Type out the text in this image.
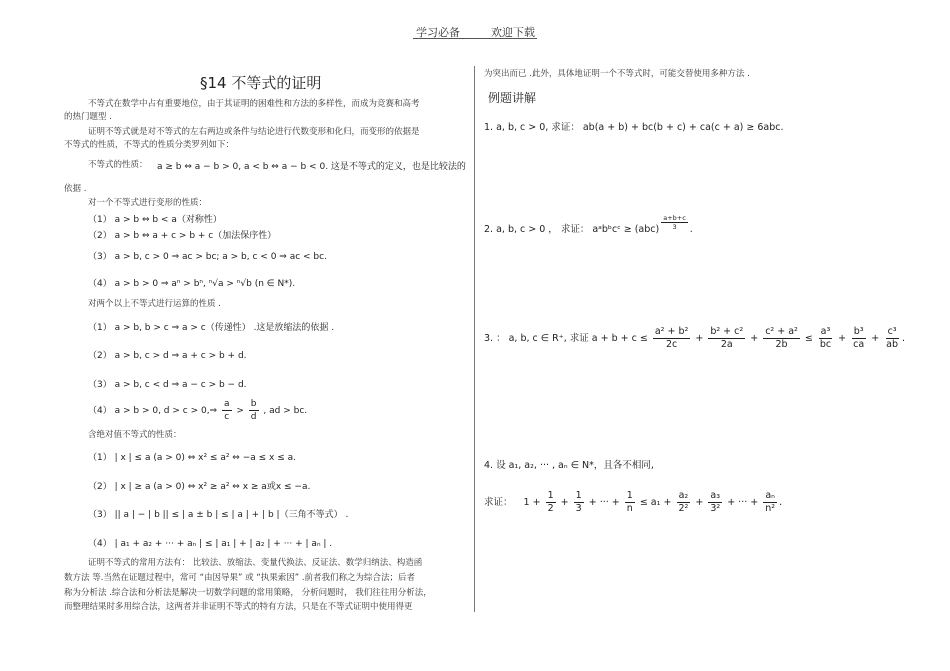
学习必备	欢迎下载
§14 不等式的证明
不等式在数学中占有重要地位，由于其证明的困难性和方法的多样性，而成为竞赛和高考
的热门题型 .
证明不等式就是对不等式的左右两边或条件与结论进行代数变形和化归，而变形的依据是
不等式的性质，不等式的性质分类罗列如下：
不等式的性质： a ≥ b ⇔ a − b > 0, a < b ⇔ a − b < 0. 这是不等式的定义，也是比较法的
依据 .
对一个不等式进行变形的性质：
（1） a > b ⇔ b < a（对称性）
（2） a > b ⇔ a + c > b + c（加法保序性）
（3） a > b, c > 0 ⇒ ac > bc; a > b, c < 0 ⇒ ac < bc.
（4） a > b > 0 ⇒ aⁿ > bⁿ, ⁿ√a > ⁿ√b (n ∈ N*).
对两个以上不等式进行运算的性质 .
（1） a > b, b > c ⇒ a > c（传递性） .这是放缩法的依据 .
（2） a > b, c > d ⇒ a + c > b + d.
（3） a > b, c < d ⇒ a − c > b − d.
（4） a > b > 0, d > c > 0,⇒ $\frac{a}{c} > \frac{b}{d}$ , ad > bc.
含绝对值不等式的性质：
（1） | x | ≤ a (a > 0) ⇔ x² ≤ a² ⇔ −a ≤ x ≤ a.
（2） | x | ≥ a (a > 0) ⇔ x² ≥ a² ⇔ x ≥ a或x ≤ −a.
（3） || a | − | b || ≤ | a ± b | ≤ | a | + | b |（三角不等式） .
（4） | a₁ + a₂ + ··· + aₙ | ≤ | a₁ | + | a₂ | + ··· + | aₙ | .
证明不等式的常用方法有： 比较法、放缩法、变量代换法、反证法、数学归纳法、构造函
数方法 等.当然在证题过程中，常可 “由因导果” 或 “执果索因” .前者我们称之为综合法；后者
称为分析法 .综合法和分析法是解决一切数学问题的常用策略， 分析问题时， 我们往往用分析法，
而整理结果时多用综合法，这两者并非证明不等式的特有方法，只是在不等式证明中使用得更
为突出而已 .此外，具体地证明一个不等式时，可能交替使用多种方法 .
例题讲解
1. a, b, c > 0, 求证： ab(a + b) + bc(b + c) + ca(c + a) ≥ 6abc.
2. a, b, c > 0 ， 求证： aᵃbᵇcᶜ ≥ $(abc) \frac{a+b+c}{3}$ .
3. ： a, b, c ∈ R⁺, 求证 $a + b + c \le \frac{\text{a² + b²}}{2c} + \frac{\text{b² + c²}}{2a} + \frac{\text{c² + a²}}{2b} \le \frac{\text{a³}}{bc} + \frac{\text{b³}}{ca} + \frac{\text{c³}}{ab}$ .
4. 设 a₁, a₂, ··· , aₙ ∈ N*，且各不相同,
求证： $1 + \frac{1}{2} + \frac{1}{3}$ + ··· + $\frac{1}{n} \le a_1 + \frac{\text{a₂}}{\text{2²}} + \frac{\text{a₃}}{\text{3²}}$ + ··· + $\frac{\text{aₙ}}{\text{n²}}$ .
